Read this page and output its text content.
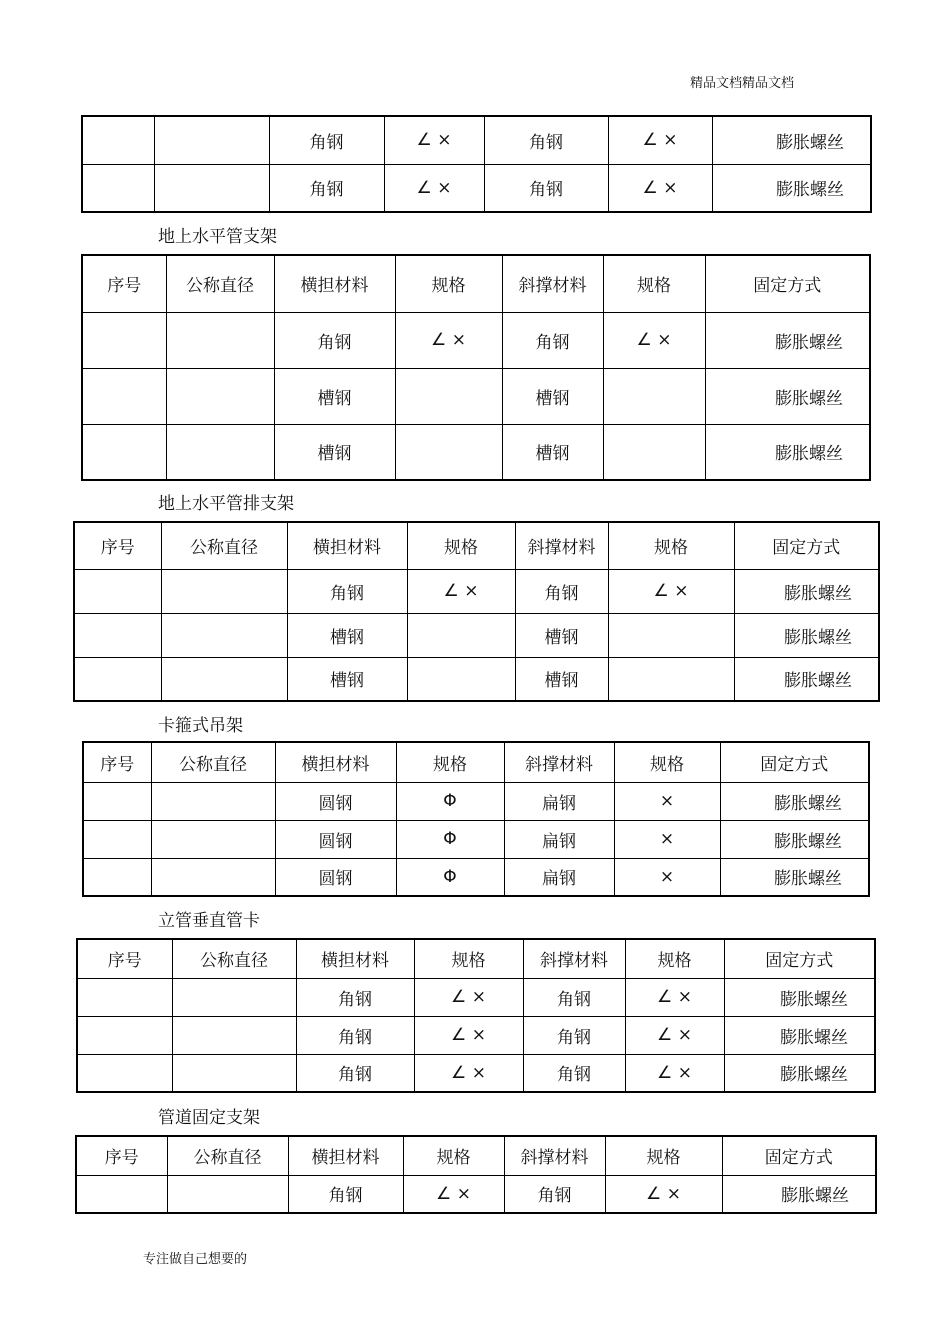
精品文档精品文档
		角钢	∠ ×	角钢	∠ ×	膨胀螺丝
		角钢	∠ ×	角钢	∠ ×	膨胀螺丝
地上水平管支架
序号	公称直径	横担材料	规格	斜撑材料	规格	固定方式
		角钢	∠ ×	角钢	∠ ×	膨胀螺丝
		槽钢		槽钢		膨胀螺丝
		槽钢		槽钢		膨胀螺丝
地上水平管排支架
序号	公称直径	横担材料	规格	斜撑材料	规格	固定方式
		角钢	∠ ×	角钢	∠ ×	膨胀螺丝
		槽钢		槽钢		膨胀螺丝
		槽钢		槽钢		膨胀螺丝
卡箍式吊架
序号	公称直径	横担材料	规格	斜撑材料	规格	固定方式
		圆钢	Φ	扁钢	×	膨胀螺丝
		圆钢	Φ	扁钢	×	膨胀螺丝
		圆钢	Φ	扁钢	×	膨胀螺丝
立管垂直管卡
序号	公称直径	横担材料	规格	斜撑材料	规格	固定方式
		角钢	∠ ×	角钢	∠ ×	膨胀螺丝
		角钢	∠ ×	角钢	∠ ×	膨胀螺丝
		角钢	∠ ×	角钢	∠ ×	膨胀螺丝
管道固定支架
序号	公称直径	横担材料	规格	斜撑材料	规格	固定方式
		角钢	∠ ×	角钢	∠ ×	膨胀螺丝
专注做自己想要的
